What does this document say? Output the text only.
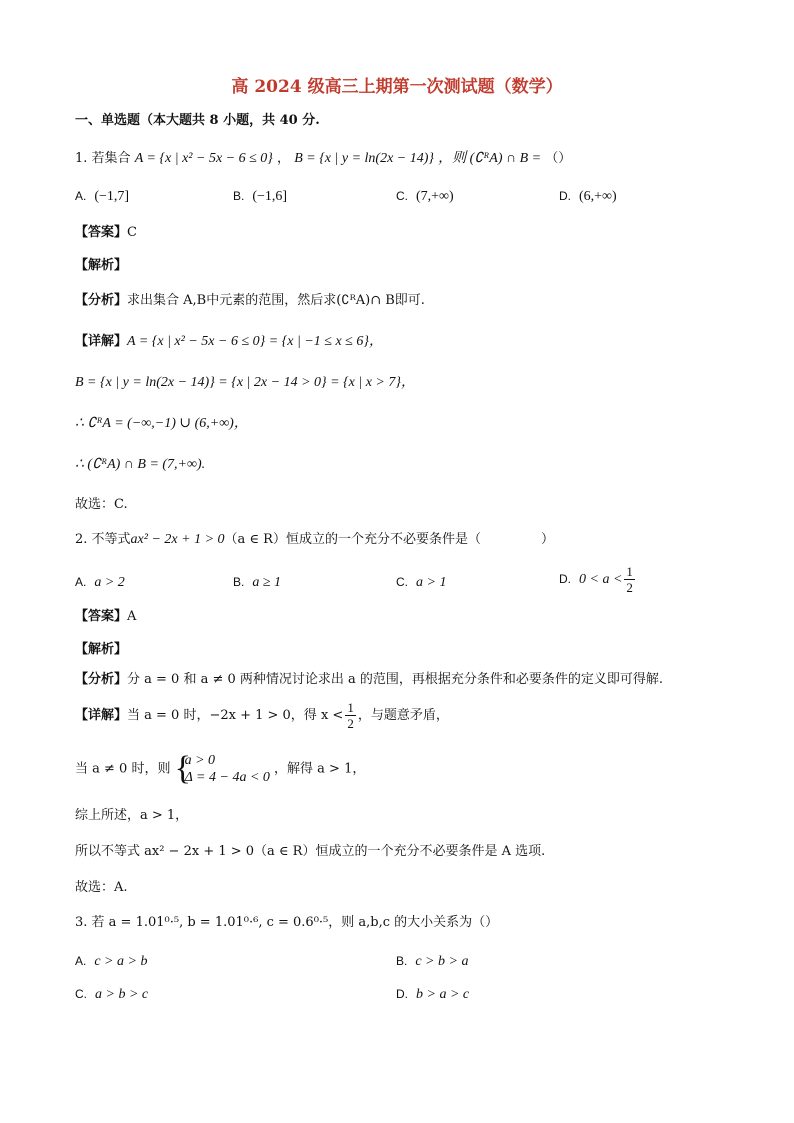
高 2024 级高三上期第一次测试题（数学）
一、单选题（本大题共 8 小题，共 40 分.
1. 若集合 A = {x | x² − 5x − 6 ≤ 0} ， B = {x | y = ln(2x − 14)} ，则 (∁ᴿA) ∩ B = （）
A. (−1,7]	B. (−1,6]	C. (7,+∞)	D. (6,+∞)
【答案】C
【解析】
【分析】求出集合 A,B中元素的范围，然后求(∁ᴿA)∩ B即可.
【详解】A = {x | x² − 5x − 6 ≤ 0} = {x | −1 ≤ x ≤ 6}，
B = {x | y = ln(2x − 14)} = {x | 2x − 14 > 0} = {x | x > 7}，
∴ ∁ᴿA = (−∞,−1) ∪ (6,+∞)，
∴ (∁ᴿA) ∩ B = (7,+∞).
故选：C.
2. 不等式ax² − 2x + 1 > 0（a ∈ R）恒成立的一个充分不必要条件是（	）
A. a > 2	B. a ≥ 1	C. a > 1	D. $0 < a < \frac{1}{2}$
【答案】A
【解析】
【分析】分 a = 0 和 a ≠ 0 两种情况讨论求出 a 的范围，再根据充分条件和必要条件的定义即可得解.
【详解】当 a = 0 时，−2x + 1 > 0，得 $x < \frac{1}{2}$ ，与题意矛盾，
当 a ≠ 0 时，则 {
a > 0
Δ = 4 − 4a < 0
，解得 a > 1，
综上所述，a > 1，
所以不等式 ax² − 2x + 1 > 0（a ∈ R）恒成立的一个充分不必要条件是 A 选项.
故选：A.
3. 若 a = 1.01⁰·⁵, b = 1.01⁰·⁶, c = 0.6⁰·⁵，则 a,b,c 的大小关系为（）
A. c > a > b	B. c > b > a
C. a > b > c	D. b > a > c
